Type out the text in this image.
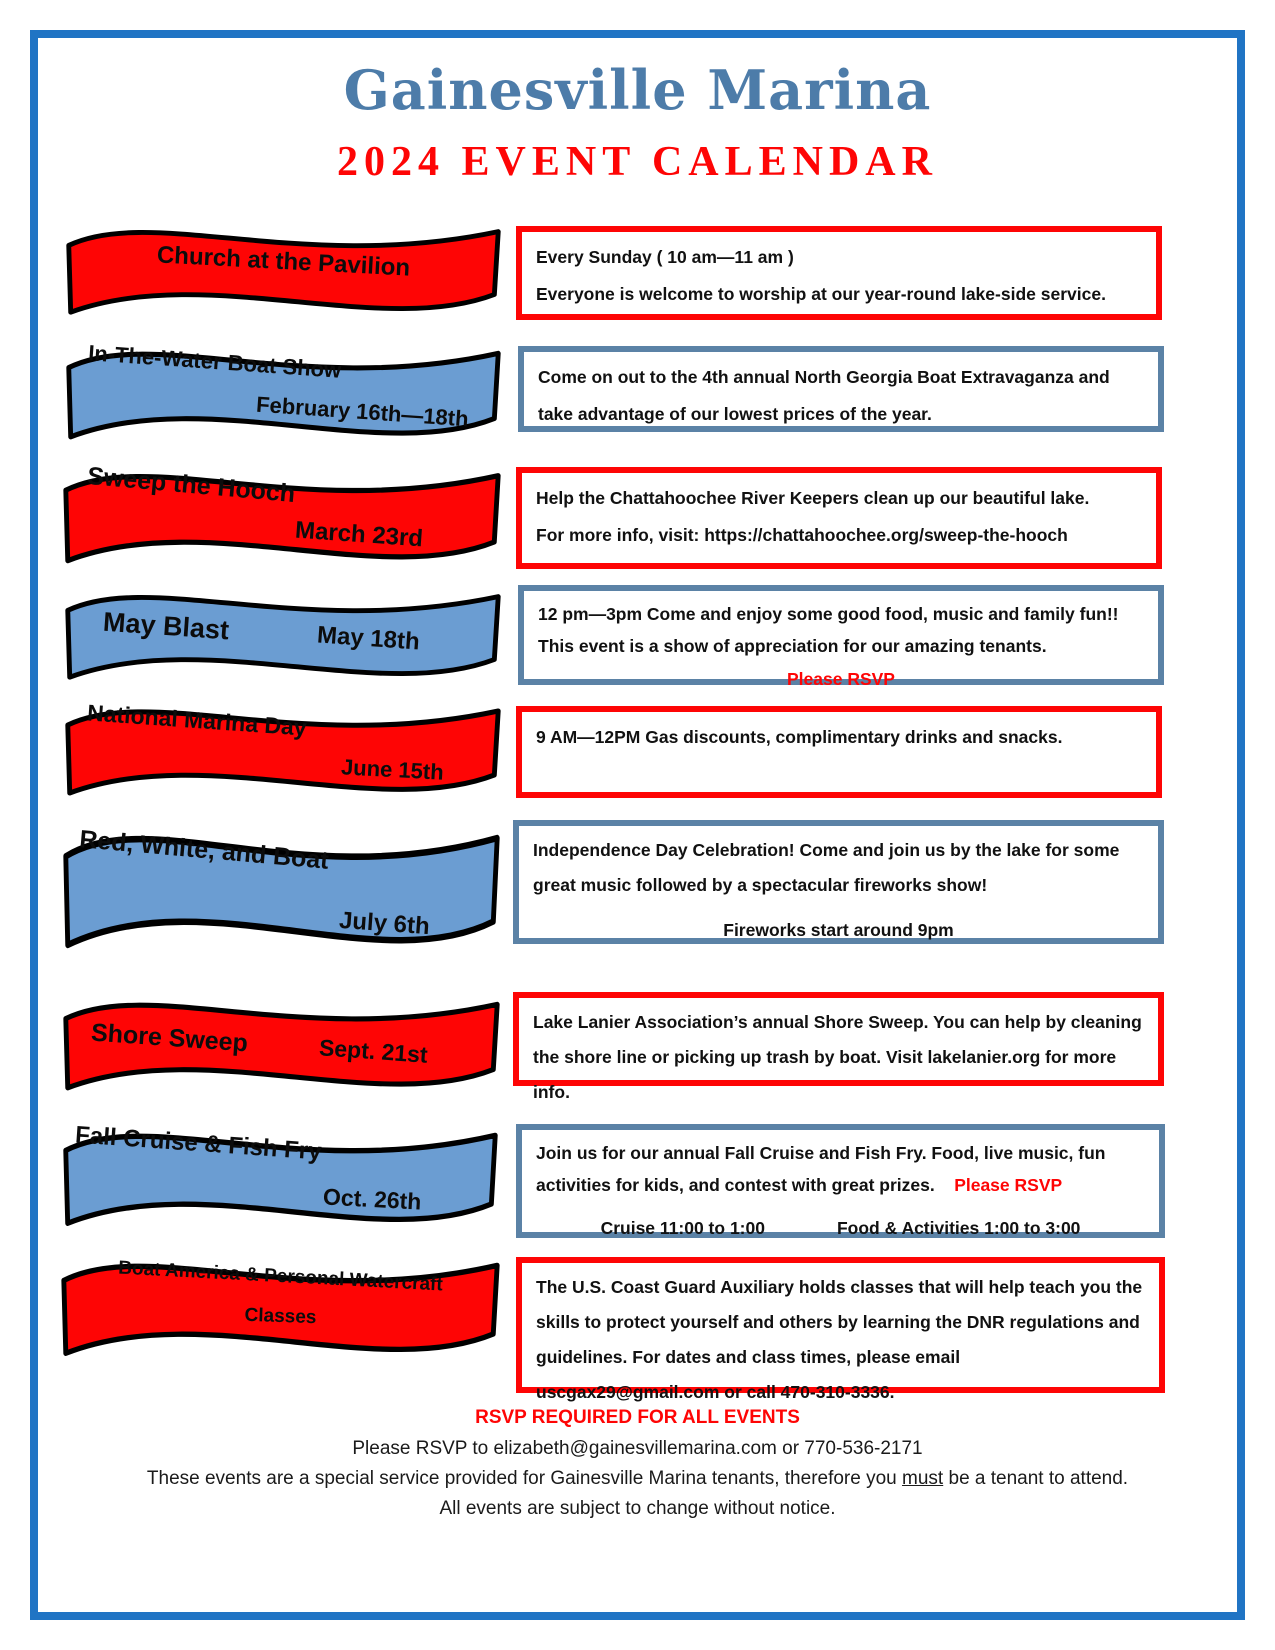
Gainesville Marina
2024 EVENT CALENDAR
Church at the Pavilion	Every Sunday ( 10 am—11 am )
Everyone is welcome to worship at our year-round lake-side service.
In-The-Water Boat Show
February 16th—18th
Come on out to the 4th annual North Georgia Boat Extravaganza and take advantage of our lowest prices of the year.
Sweep the Hooch
March 23rd
Help the Chattahoochee River Keepers clean up our beautiful lake.
For more info, visit: https://chattahoochee.org/sweep-the-hooch
May Blast	May 18th
12 pm—3pm Come and enjoy some good food, music and family fun!! This event is a show of appreciation for our amazing tenants.
Please RSVP
National Marina Day
June 15th
9 AM—12PM Gas discounts, complimentary drinks and snacks.
Red, White, and Boat
July 6th
Independence Day Celebration! Come and join us by the lake for some great music followed by a spectacular fireworks show!
Fireworks start around 9pm
Shore Sweep	Sept. 21st
Lake Lanier Association’s annual Shore Sweep. You can help by cleaning the shore line or picking up trash by boat. Visit lakelanier.org for more info.
Fall Cruise & Fish Fry
Oct. 26th
Join us for our annual Fall Cruise and Fish Fry. Food, live music, fun activities for kids, and contest with great prizes. Please RSVP
Cruise 11:00 to 1:00	Food & Activities 1:00 to 3:00
Boat America & Personal Watercraft
Classes
The U.S. Coast Guard Auxiliary holds classes that will help teach you the skills to protect yourself and others by learning the DNR regulations and guidelines. For dates and class times, please email uscgax29@gmail.com or call 470-310-3336.
RSVP REQUIRED FOR ALL EVENTS
Please RSVP to elizabeth@gainesvillemarina.com or 770-536-2171
These events are a special service provided for Gainesville Marina tenants, therefore you must be a tenant to attend.
All events are subject to change without notice.
